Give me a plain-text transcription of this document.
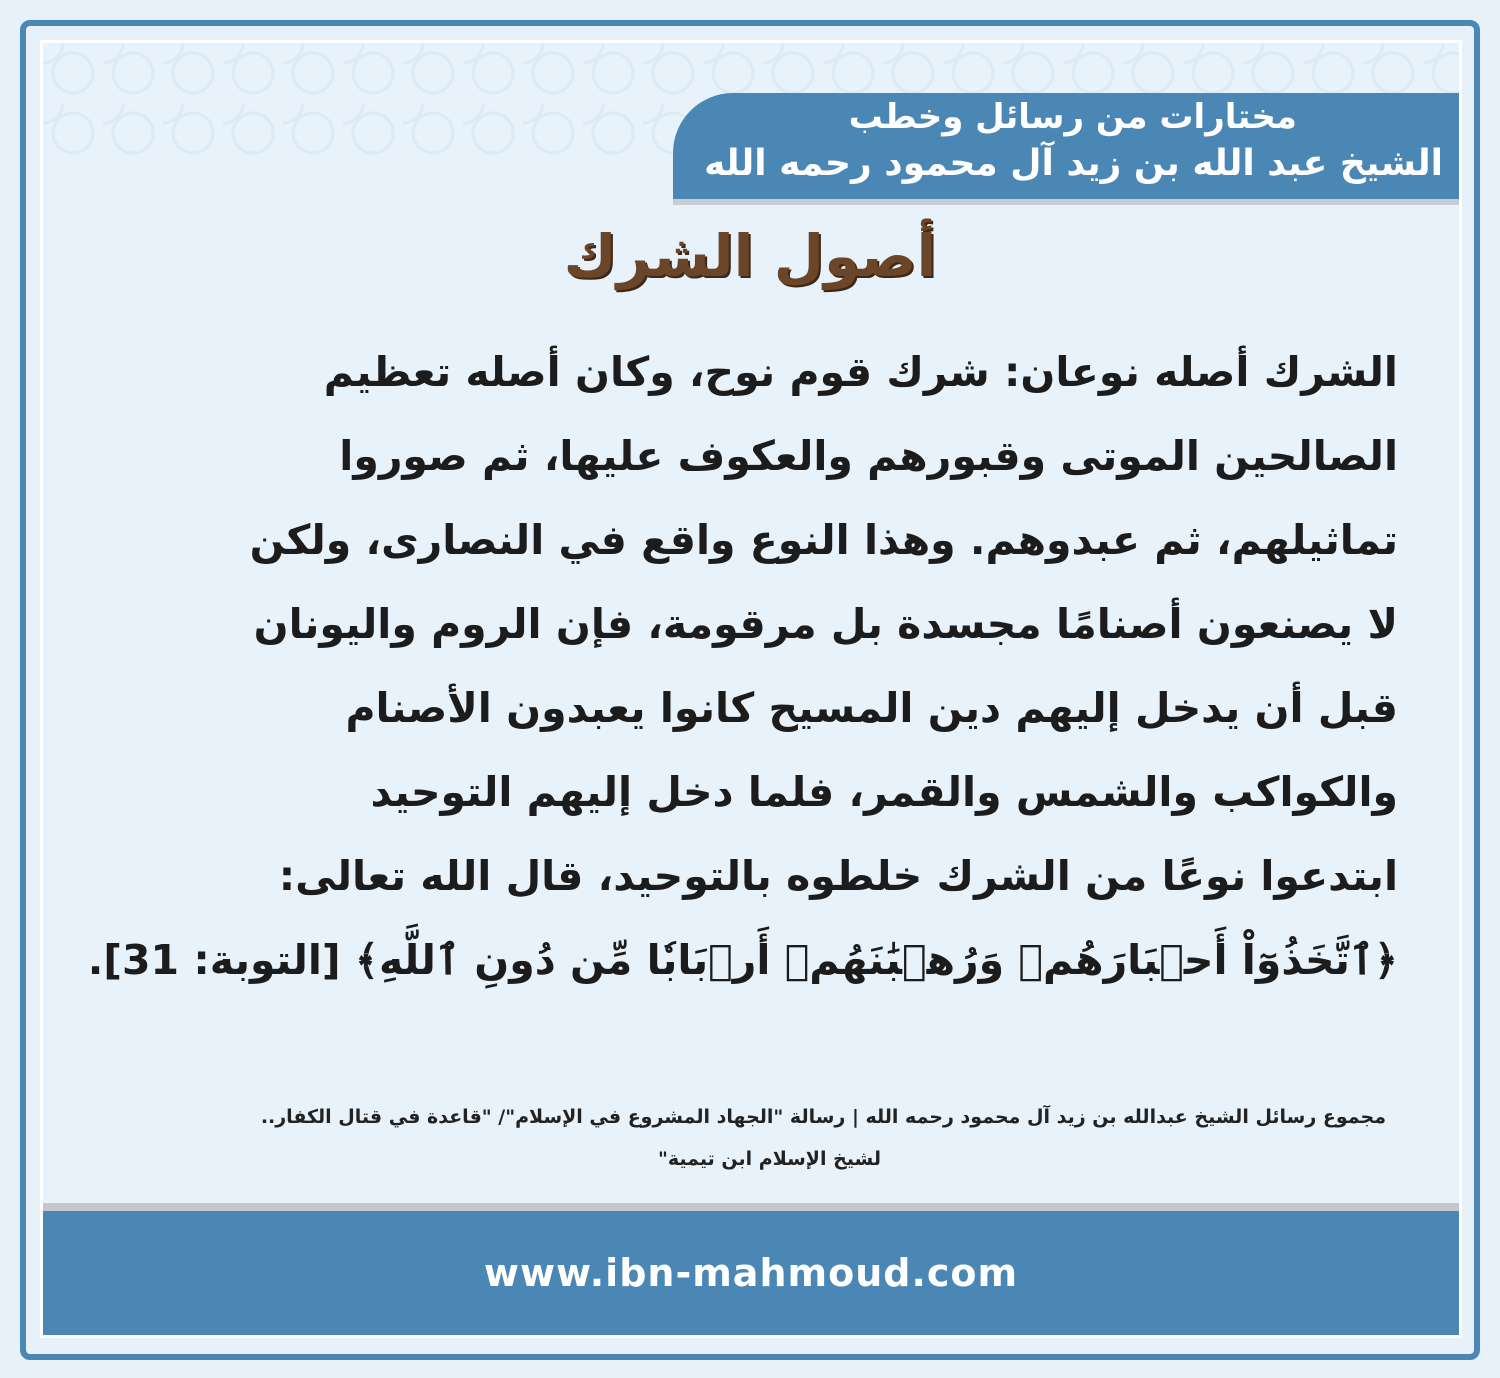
مختارات من رسائل وخطب
الشيخ عبد الله بن زيد آل محمود رحمه الله
www.ibn-mahmoud.com
أصول الشرك
الشرك أصله نوعان: شرك قوم نوح، وكان أصله تعظيم
الصالحين الموتى وقبورهم والعكوف عليها، ثم صوروا
تماثيلهم، ثم عبدوهم. وهذا النوع واقع في النصارى، ولكن
لا يصنعون أصنامًا مجسدة بل مرقومة، فإن الروم واليونان
قبل أن يدخل إليهم دين المسيح كانوا يعبدون الأصنام
والكواكب والشمس والقمر، فلما دخل إليهم التوحيد
ابتدعوا نوعًا من الشرك خلطوه بالتوحيد، قال الله تعالى:
﴿ٱتَّخَذُوٓاْ أَحۡبَارَهُمۡ وَرُهۡبَٰنَهُمۡ أَرۡبَابٗا مِّن دُونِ ٱللَّهِ﴾ [التوبة: 31].
مجموع رسائل الشيخ عبدالله بن زيد آل محمود رحمه الله | رسالة "الجهاد المشروع في الإسلام"/ "قاعدة في قتال الكفار..
لشيخ الإسلام ابن تيمية"
